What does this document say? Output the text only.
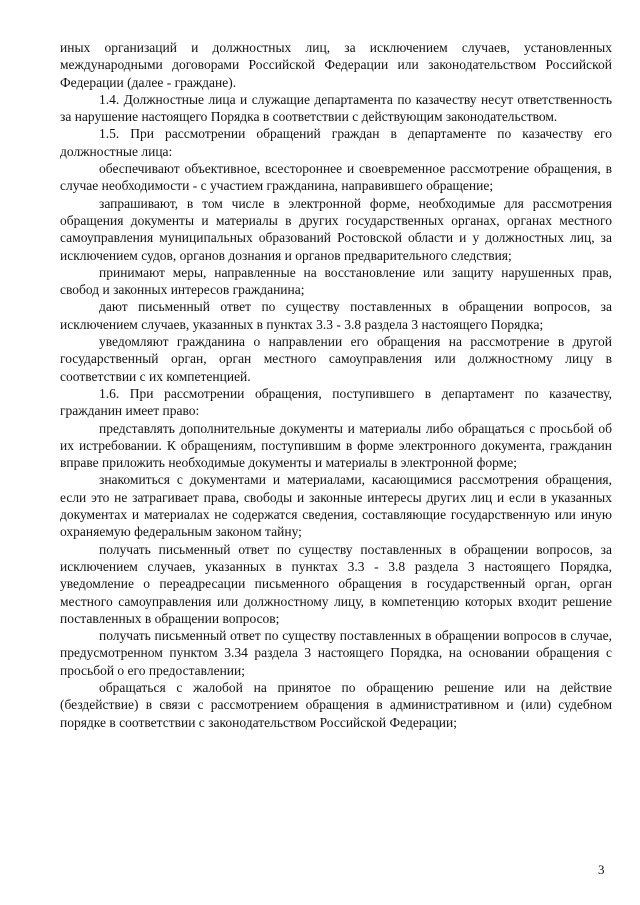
иных организаций и должностных лиц, за исключением случаев, установленных международными договорами Российской Федерации или законодательством Российской Федерации (далее - граждане).

1.4. Должностные лица и служащие департамента по казачеству несут ответственность за нарушение настоящего Порядка в соответствии с действующим законодательством.

1.5. При рассмотрении обращений граждан в департаменте по казачеству его должностные лица:

обеспечивают объективное, всестороннее и своевременное рассмотрение обращения, в случае необходимости - с участием гражданина, направившего обращение;

запрашивают, в том числе в электронной форме, необходимые для рассмотрения обращения документы и материалы в других государственных органах, органах местного самоуправления муниципальных образований Ростовской области и у должностных лиц, за исключением судов, органов дознания и органов предварительного следствия;

принимают меры, направленные на восстановление или защиту нарушенных прав, свобод и законных интересов гражданина;

дают письменный ответ по существу поставленных в обращении вопросов, за исключением случаев, указанных в пунктах 3.3 - 3.8 раздела 3 настоящего Порядка;

уведомляют гражданина о направлении его обращения на рассмотрение в другой государственный орган, орган местного самоуправления или должностному лицу в соответствии с их компетенцией.

1.6. При рассмотрении обращения, поступившего в департамент по казачеству, гражданин имеет право:

представлять дополнительные документы и материалы либо обращаться с просьбой об их истребовании. К обращениям, поступившим в форме электронного документа, гражданин вправе приложить необходимые документы и материалы в электронной форме;

знакомиться с документами и материалами, касающимися рассмотрения обращения, если это не затрагивает права, свободы и законные интересы других лиц и если в указанных документах и материалах не содержатся сведения, составляющие государственную или иную охраняемую федеральным законом тайну;

получать письменный ответ по существу поставленных в обращении вопросов, за исключением случаев, указанных в пунктах 3.3 - 3.8 раздела 3 настоящего Порядка, уведомление о переадресации письменного обращения в государственный орган, орган местного самоуправления или должностному лицу, в компетенцию которых входит решение поставленных в обращении вопросов;

получать письменный ответ по существу поставленных в обращении вопросов в случае, предусмотренном пунктом 3.34 раздела 3 настоящего Порядка, на основании обращения с просьбой о его предоставлении;

обращаться с жалобой на принятое по обращению решение или на действие (бездействие) в связи с рассмотрением обращения в административном и (или) судебном порядке в соответствии с законодательством Российской Федерации;

3
